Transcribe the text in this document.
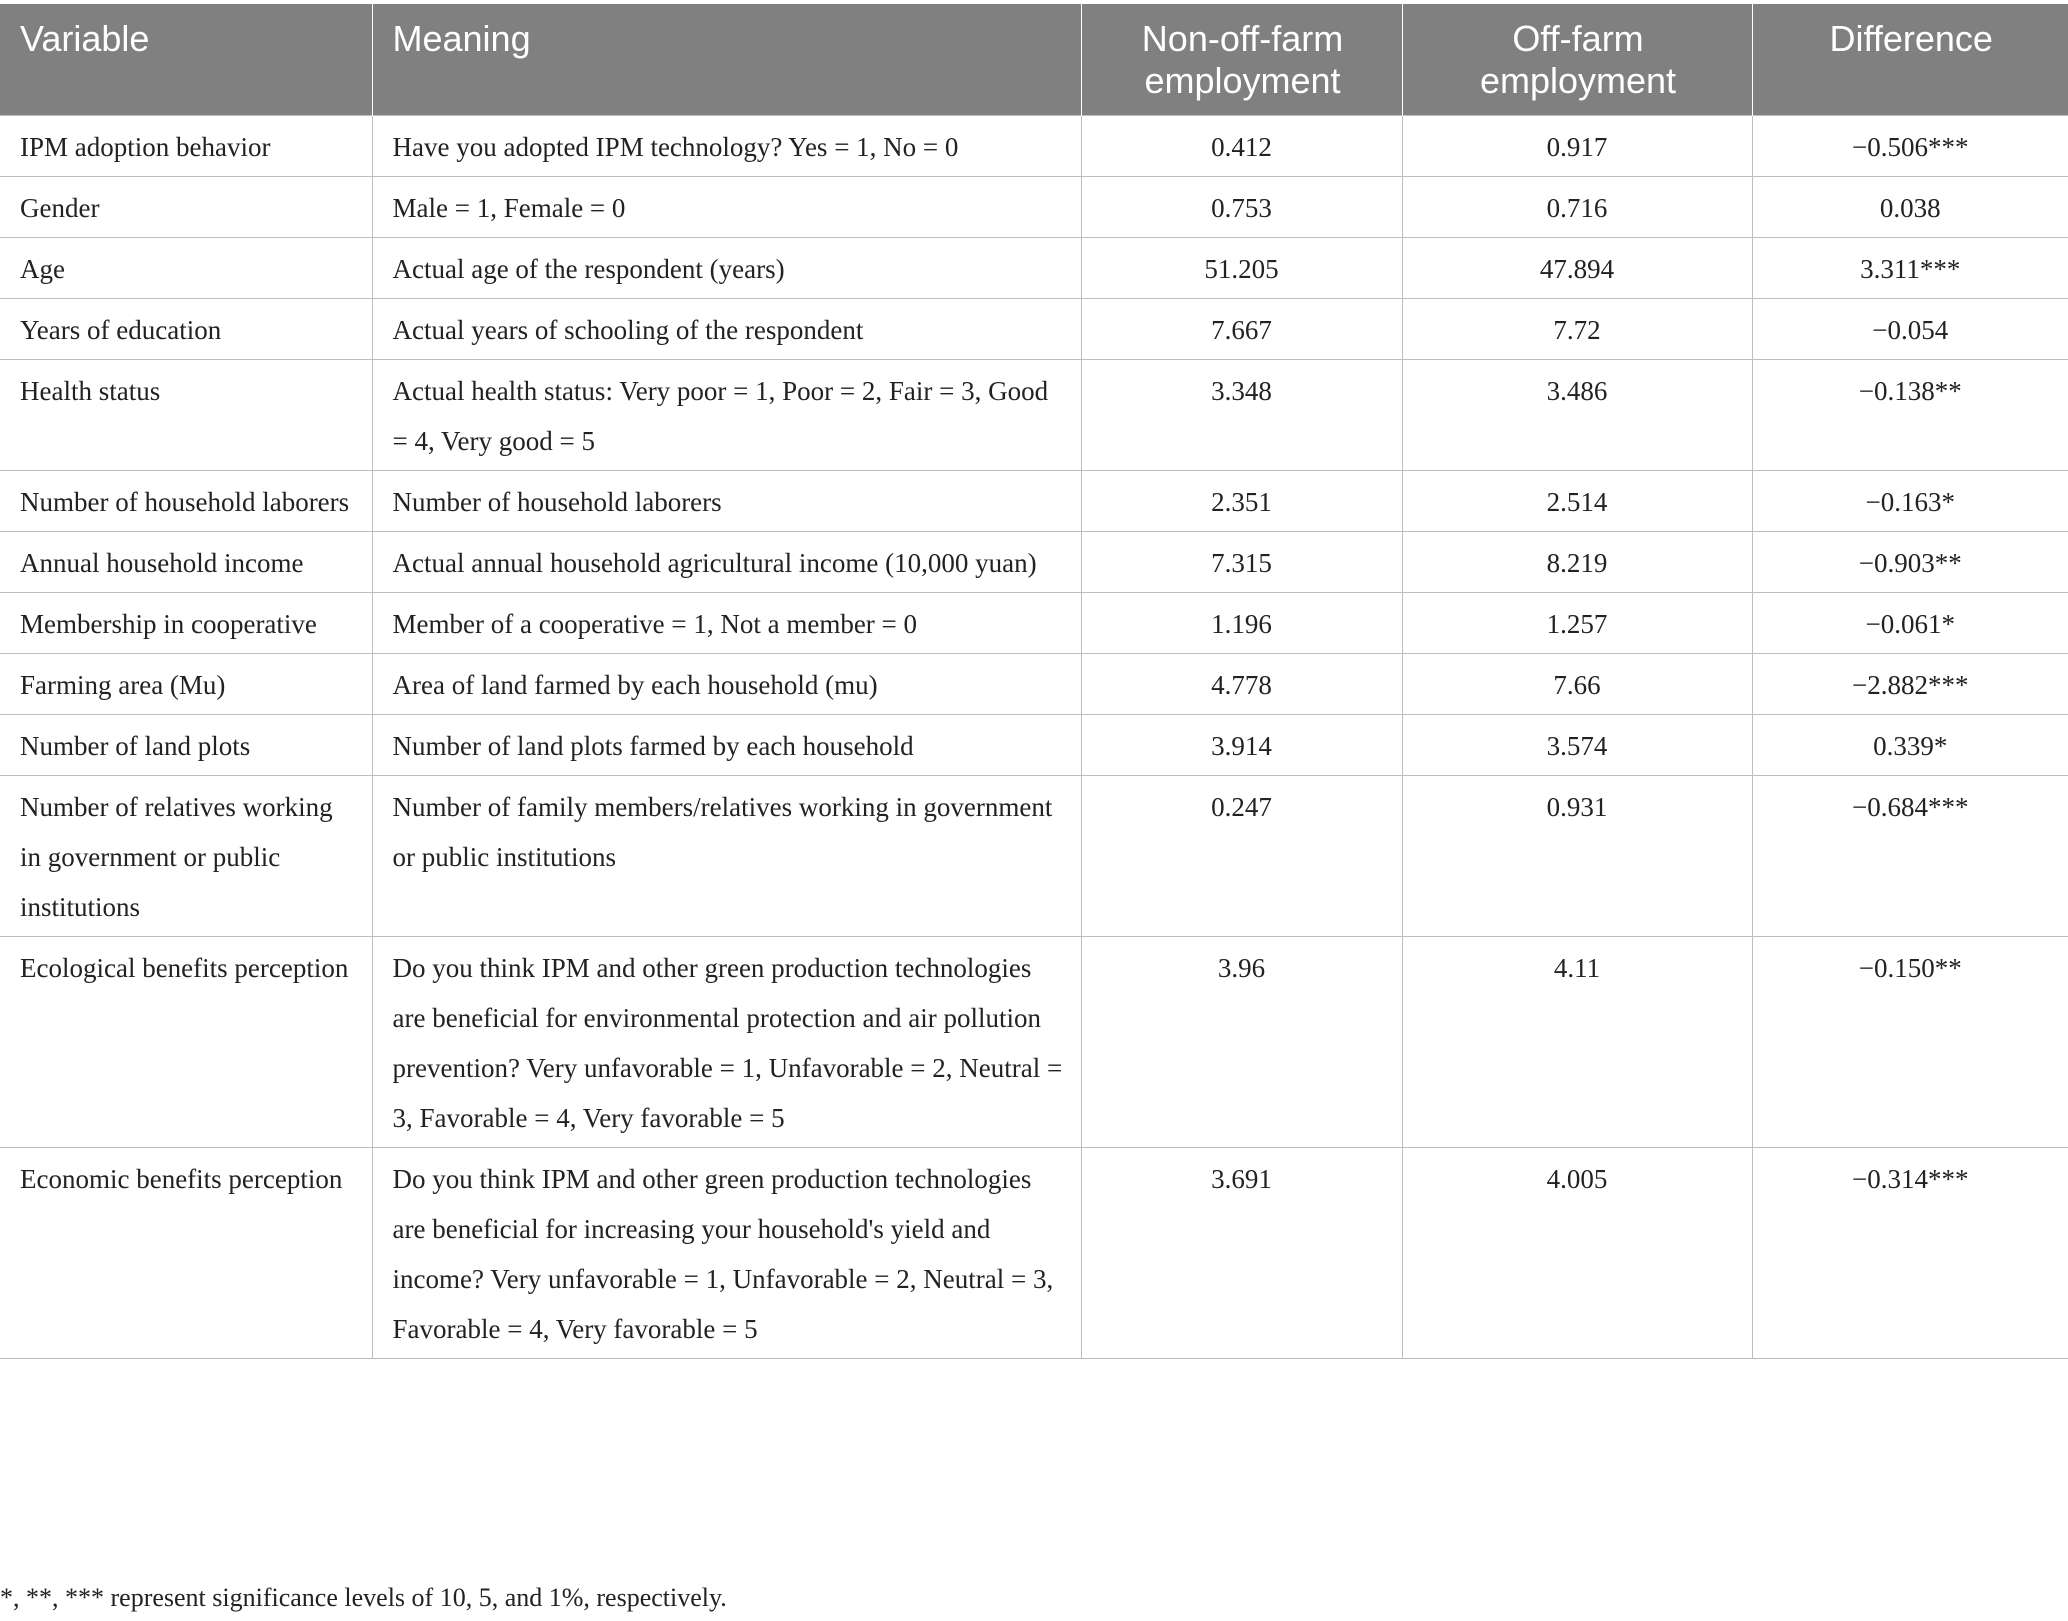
Variable	Meaning	Non-off-farm employment	Off-farm employment	Difference
IPM adoption behavior	Have you adopted IPM technology? Yes = 1, No = 0	0.412	0.917	−0.506***
Gender	Male = 1, Female = 0	0.753	0.716	0.038
Age	Actual age of the respondent (years)	51.205	47.894	3.311***
Years of education	Actual years of schooling of the respondent	7.667	7.72	−0.054
Health status	Actual health status: Very poor = 1, Poor = 2, Fair = 3, Good = 4, Very good = 5	3.348	3.486	−0.138**
Number of household laborers	Number of household laborers	2.351	2.514	−0.163*
Annual household income	Actual annual household agricultural income (10,000 yuan)	7.315	8.219	−0.903**
Membership in cooperative	Member of a cooperative = 1, Not a member = 0	1.196	1.257	−0.061*
Farming area (Mu)	Area of land farmed by each household (mu)	4.778	7.66	−2.882***
Number of land plots	Number of land plots farmed by each household	3.914	3.574	0.339*
Number of relatives working in government or public institutions	Number of family members/relatives working in government or public institutions	0.247	0.931	−0.684***
Ecological benefits perception	Do you think IPM and other green production technologies are beneficial for environmental protection and air pollution prevention? Very unfavorable = 1, Unfavorable = 2, Neutral = 3, Favorable = 4, Very favorable = 5	3.96	4.11	−0.150**
Economic benefits perception	Do you think IPM and other green production technologies are beneficial for increasing your household's yield and income? Very unfavorable = 1, Unfavorable = 2, Neutral = 3, Favorable = 4, Very favorable = 5	3.691	4.005	−0.314***
*, **, *** represent significance levels of 10, 5, and 1%, respectively.
